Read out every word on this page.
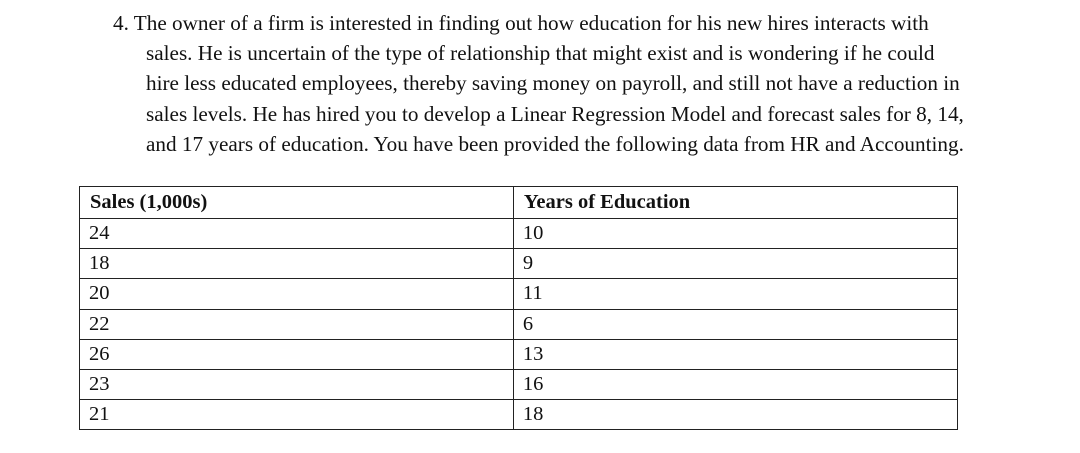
4. The owner of a firm is interested in finding out how education for his new hires interacts with
sales. He is uncertain of the type of relationship that might exist and is wondering if he could
hire less educated employees, thereby saving money on payroll, and still not have a reduction in
sales levels. He has hired you to develop a Linear Regression Model and forecast sales for 8, 14,
and 17 years of education. You have been provided the following data from HR and Accounting.
Sales (1,000s)	Years of Education
24	10
18	9
20	11
22	6
26	13
23	16
21	18
